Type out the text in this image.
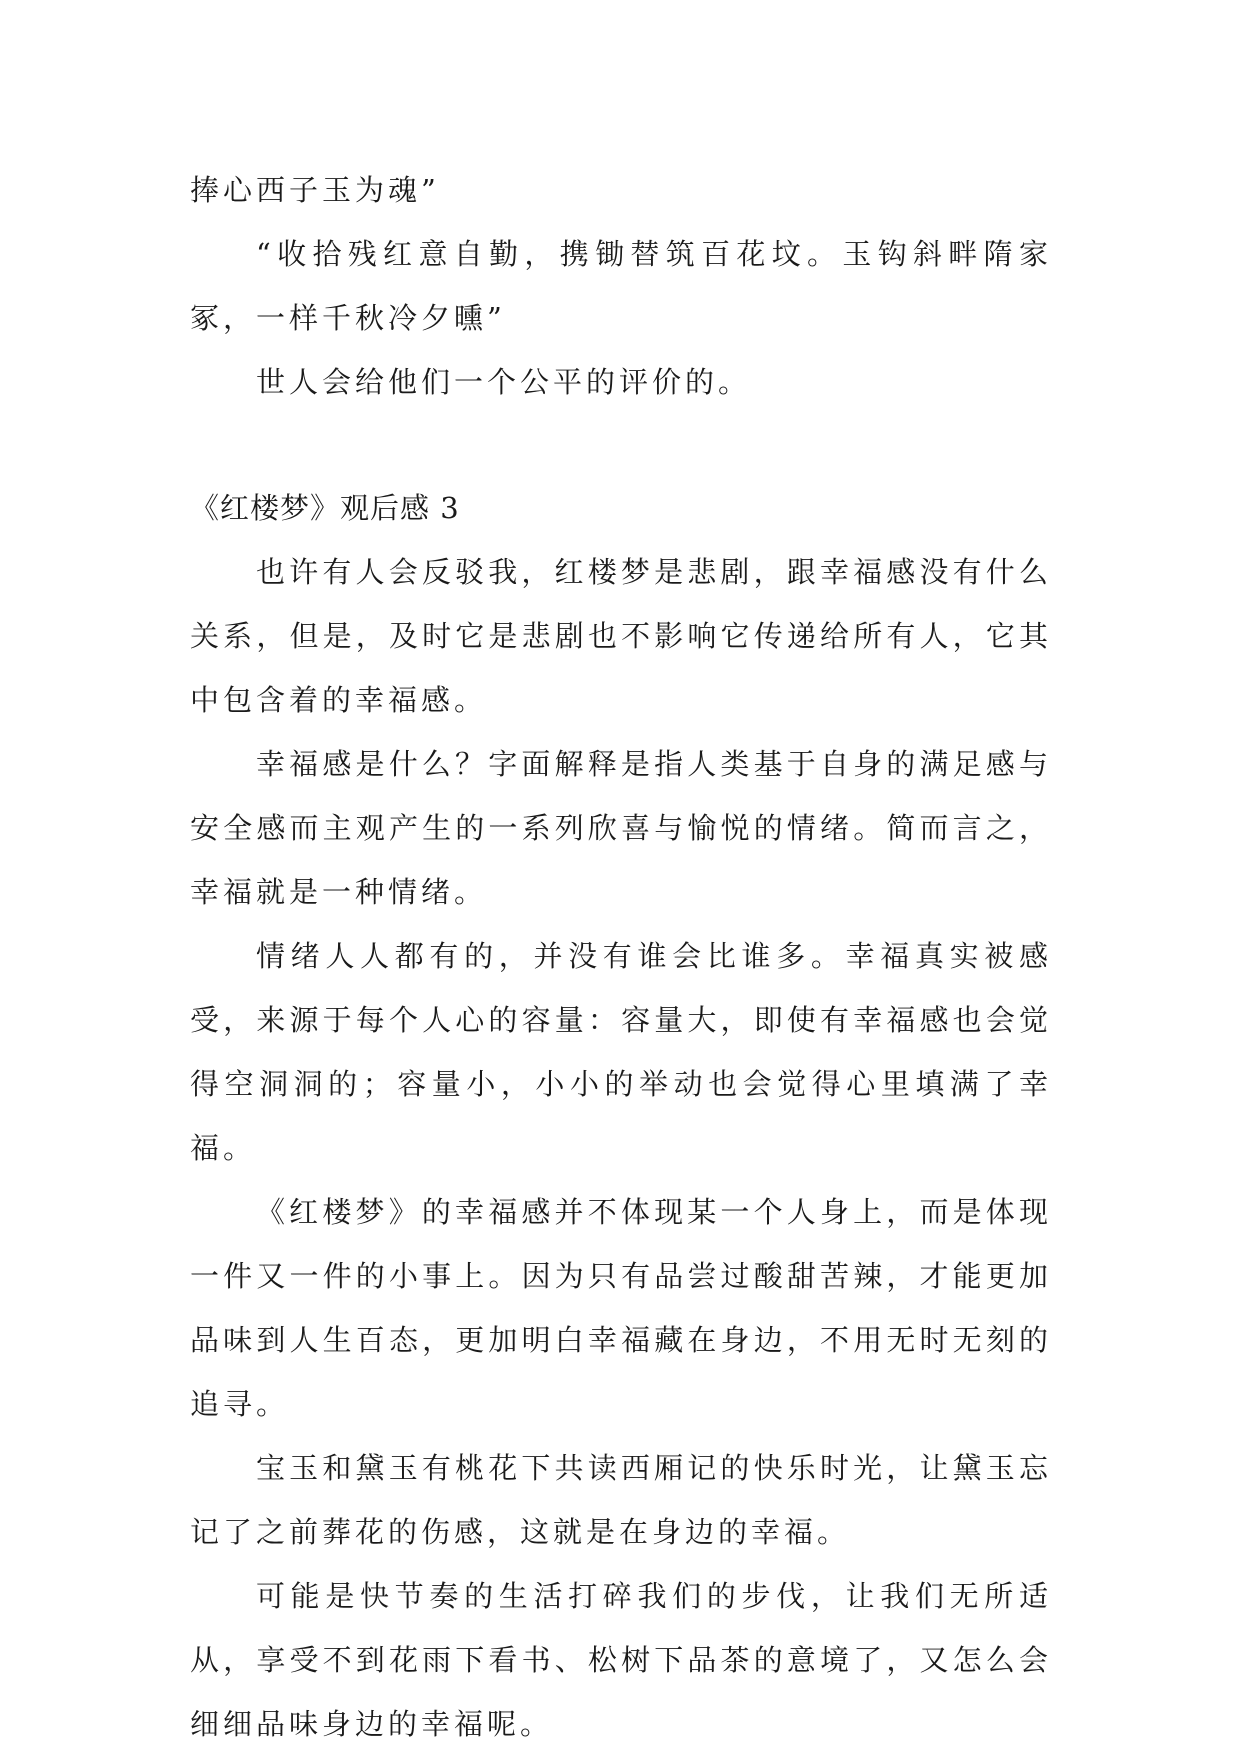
捧心西子玉为魂”

“收拾残红意自勤，携锄替筑百花坟。玉钩斜畔隋家冢，一样千秋冷夕曛”

世人会给他们一个公平的评价的。

《红楼梦》观后感 3

也许有人会反驳我，红楼梦是悲剧，跟幸福感没有什么关系，但是，及时它是悲剧也不影响它传递给所有人，它其中包含着的幸福感。

幸福感是什么？字面解释是指人类基于自身的满足感与安全感而主观产生的一系列欣喜与愉悦的情绪。简而言之，幸福就是一种情绪。

情绪人人都有的，并没有谁会比谁多。幸福真实被感受，来源于每个人心的容量：容量大，即使有幸福感也会觉得空洞洞的；容量小，小小的举动也会觉得心里填满了幸福。

《红楼梦》的幸福感并不体现某一个人身上，而是体现一件又一件的小事上。因为只有品尝过酸甜苦辣，才能更加品味到人生百态，更加明白幸福藏在身边，不用无时无刻的追寻。

宝玉和黛玉有桃花下共读西厢记的快乐时光，让黛玉忘记了之前葬花的伤感，这就是在身边的幸福。

可能是快节奏的生活打碎我们的步伐，让我们无所适从，享受不到花雨下看书、松树下品茶的意境了，又怎么会细细品味身边的幸福呢。
